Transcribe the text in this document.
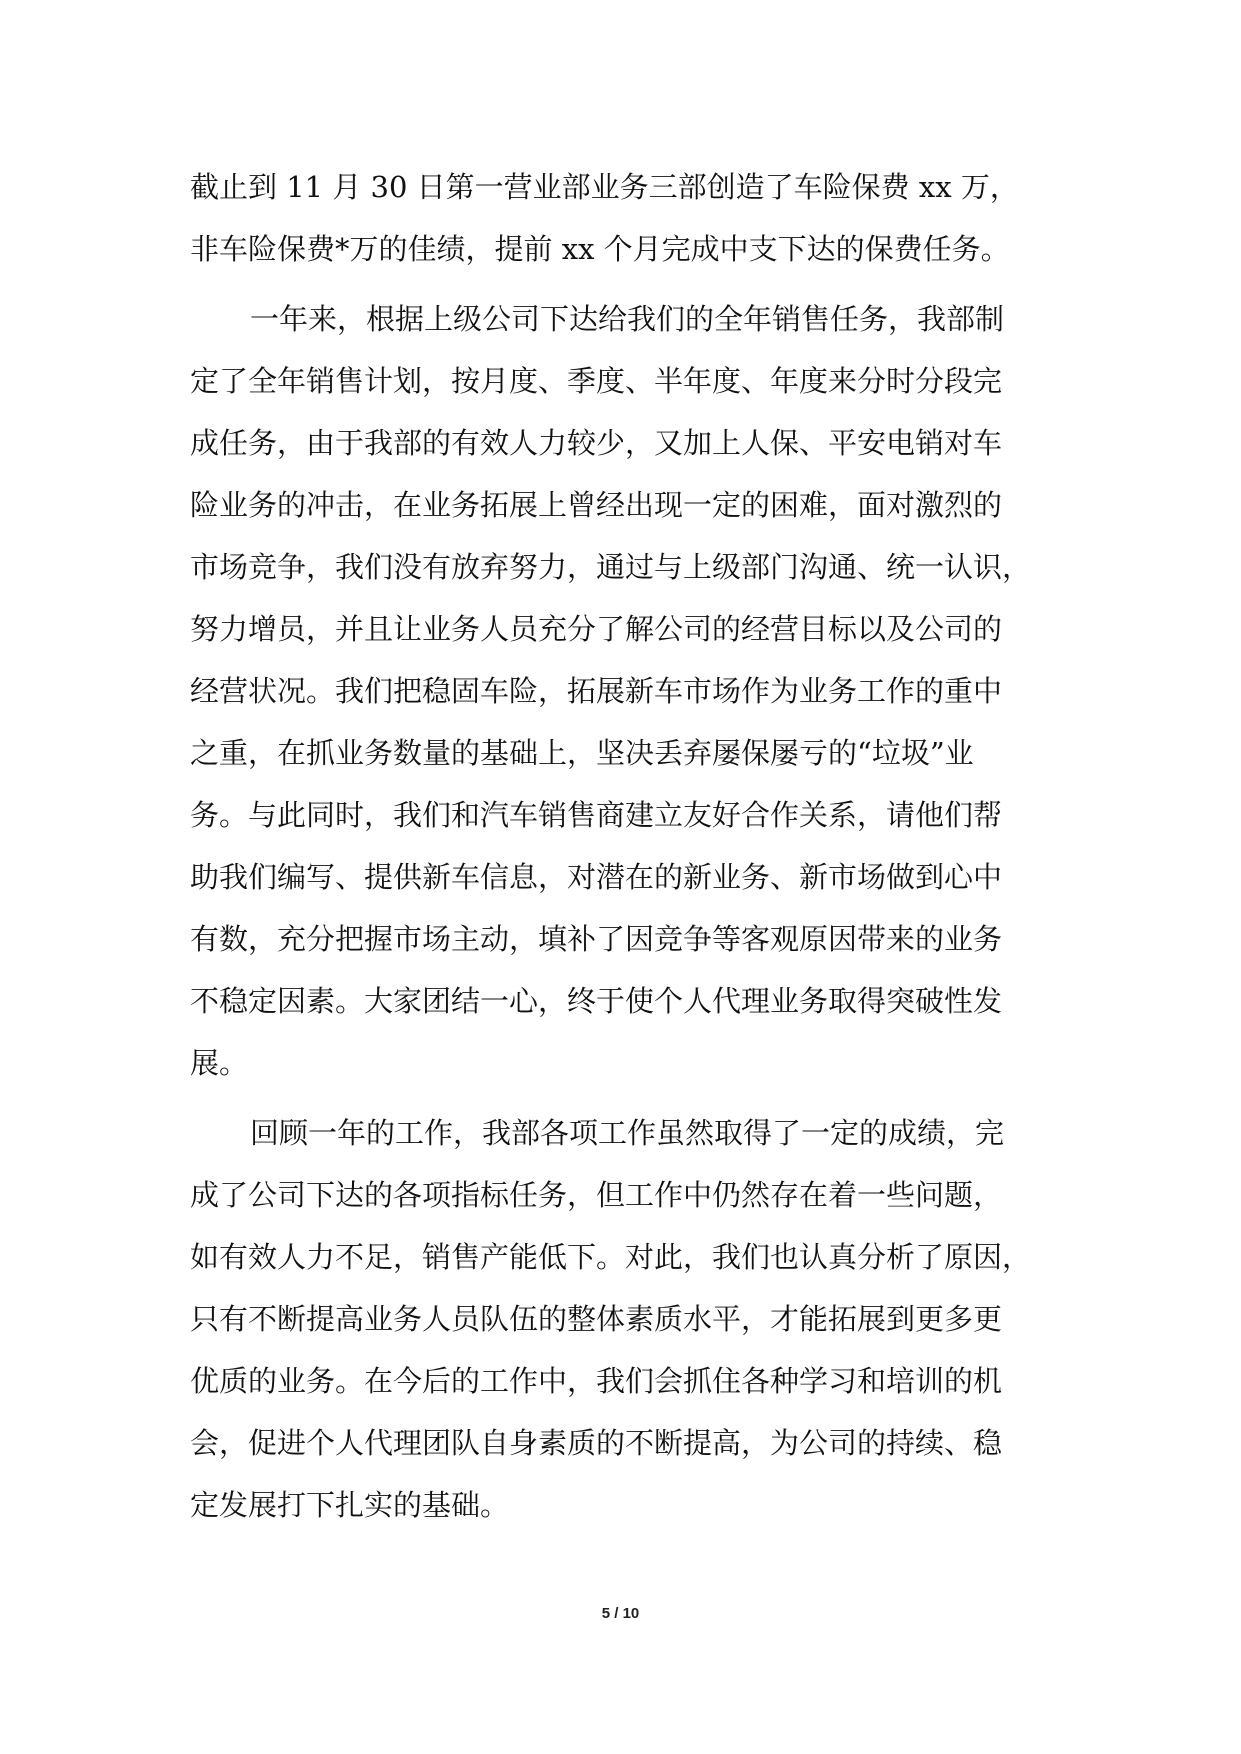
截止到 11 月 30 日第一营业部业务三部创造了车险保费 xx 万，
非车险保费*万的佳绩，提前 xx 个月完成中支下达的保费任务。
一年来，根据上级公司下达给我们的全年销售任务，我部制
定了全年销售计划，按月度、季度、半年度、年度来分时分段完
成任务，由于我部的有效人力较少，又加上人保、平安电销对车
险业务的冲击，在业务拓展上曾经出现一定的困难，面对激烈的
市场竞争，我们没有放弃努力，通过与上级部门沟通、统一认识，
努力增员，并且让业务人员充分了解公司的经营目标以及公司的
经营状况。我们把稳固车险，拓展新车市场作为业务工作的重中
之重，在抓业务数量的基础上，坚决丢弃屡保屡亏的“垃圾”业
务。与此同时，我们和汽车销售商建立友好合作关系，请他们帮
助我们编写、提供新车信息，对潜在的新业务、新市场做到心中
有数，充分把握市场主动，填补了因竞争等客观原因带来的业务
不稳定因素。大家团结一心，终于使个人代理业务取得突破性发
展。
回顾一年的工作，我部各项工作虽然取得了一定的成绩，完
成了公司下达的各项指标任务，但工作中仍然存在着一些问题，
如有效人力不足，销售产能低下。对此，我们也认真分析了原因，
只有不断提高业务人员队伍的整体素质水平，才能拓展到更多更
优质的业务。在今后的工作中，我们会抓住各种学习和培训的机
会，促进个人代理团队自身素质的不断提高，为公司的持续、稳
定发展打下扎实的基础。
5 / 10
